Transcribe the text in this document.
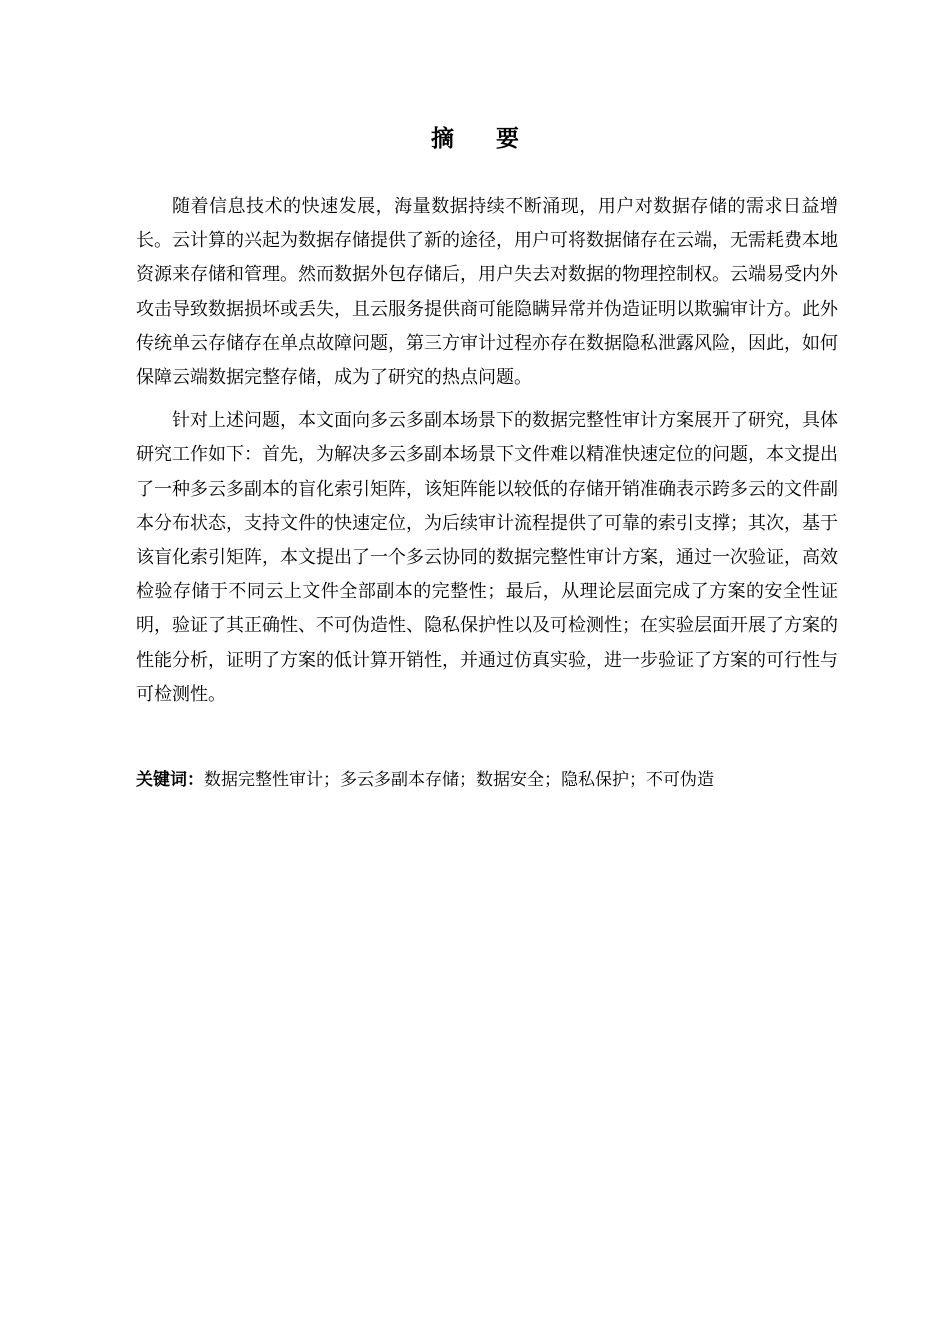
摘要

随着信息技术的快速发展，海量数据持续不断涌现，用户对数据存储的需求日益增长。云计算的兴起为数据存储提供了新的途径，用户可将数据储存在云端，无需耗费本地资源来存储和管理。然而数据外包存储后，用户失去对数据的物理控制权。云端易受内外攻击导致数据损坏或丢失，且云服务提供商可能隐瞒异常并伪造证明以欺骗审计方。此外传统单云存储存在单点故障问题，第三方审计过程亦存在数据隐私泄露风险，因此，如何保障云端数据完整存储，成为了研究的热点问题。

针对上述问题，本文面向多云多副本场景下的数据完整性审计方案展开了研究，具体研究工作如下：首先，为解决多云多副本场景下文件难以精准快速定位的问题，本文提出了一种多云多副本的盲化索引矩阵，该矩阵能以较低的存储开销准确表示跨多云的文件副本分布状态，支持文件的快速定位，为后续审计流程提供了可靠的索引支撑；其次，基于该盲化索引矩阵，本文提出了一个多云协同的数据完整性审计方案，通过一次验证，高效检验存储于不同云上文件全部副本的完整性；最后，从理论层面完成了方案的安全性证明，验证了其正确性、不可伪造性、隐私保护性以及可检测性；在实验层面开展了方案的性能分析，证明了方案的低计算开销性，并通过仿真实验，进一步验证了方案的可行性与可检测性。

关键词：数据完整性审计；多云多副本存储；数据安全；隐私保护；不可伪造
